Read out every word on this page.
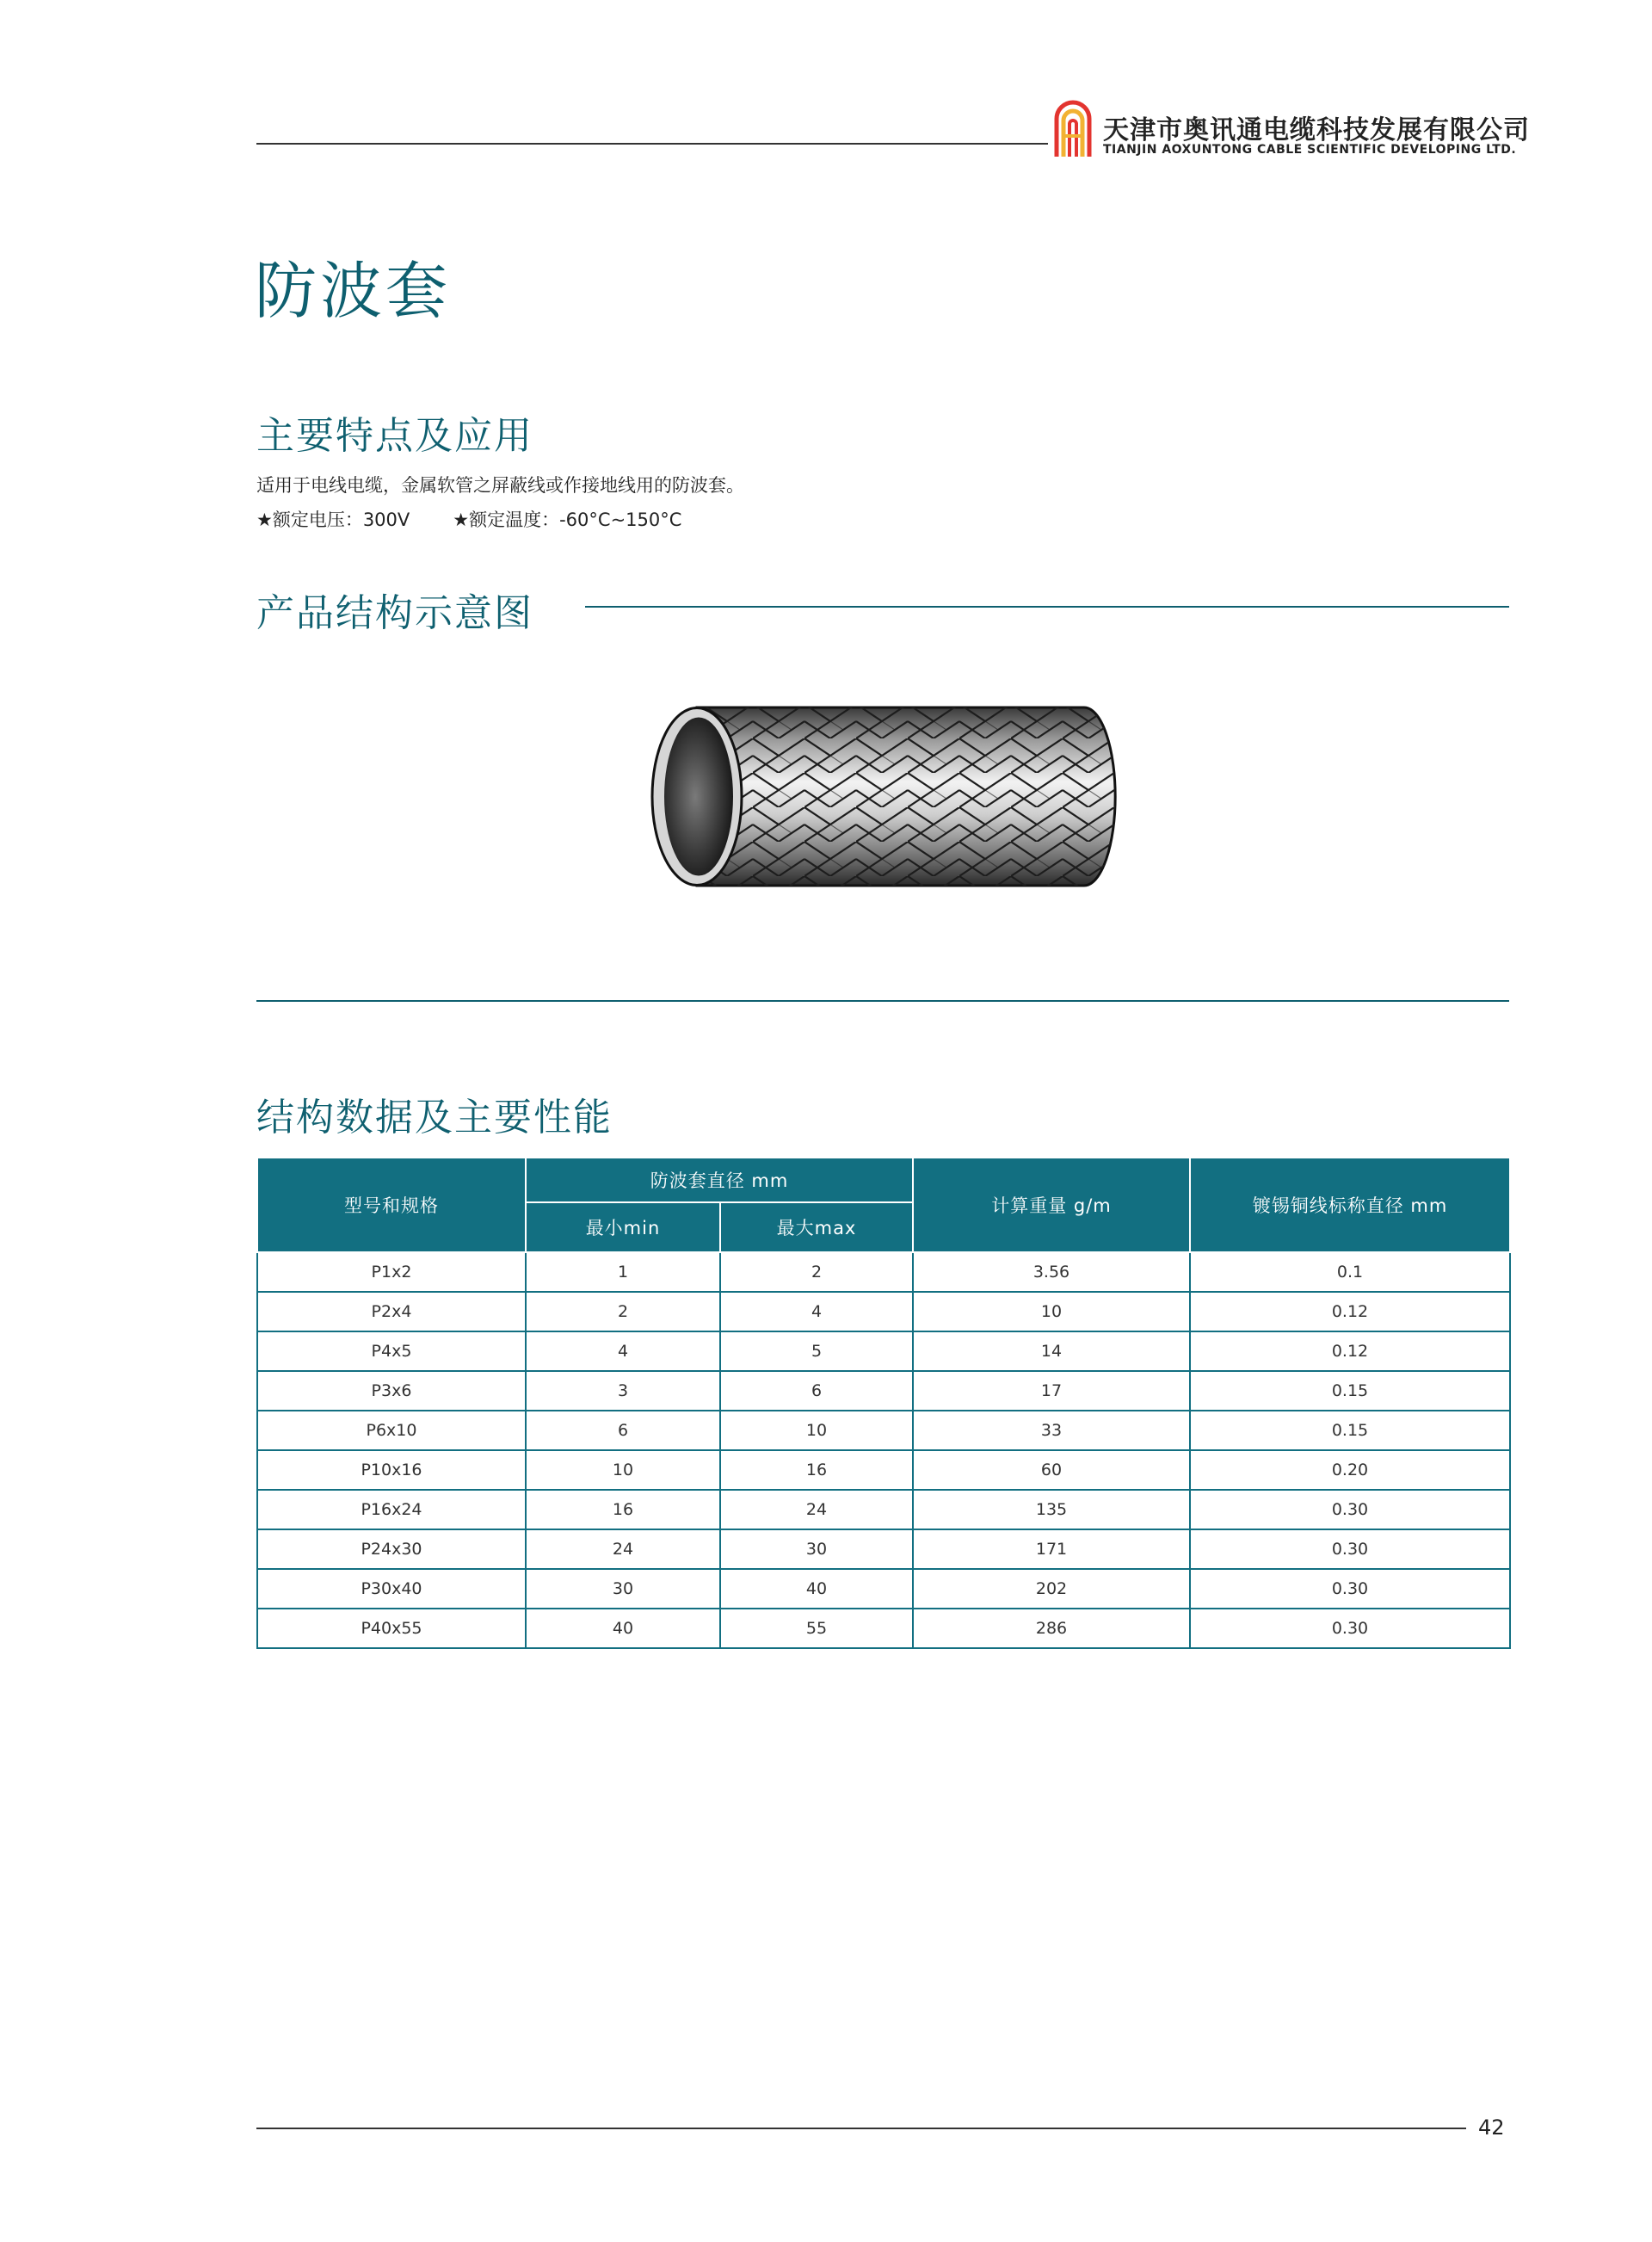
天津市奥讯通电缆科技发展有限公司
TIANJIN AOXUNTONG CABLE SCIENTIFIC DEVELOPING LTD.
防波套
主要特点及应用
适用于电线电缆，金属软管之屏蔽线或作接地线用的防波套。
★额定电压：300V ★额定温度：-60°C~150°C
产品结构示意图
结构数据及主要性能
型号和规格	防波套直径 mm		计算重量 g/m	镀锡铜线标称直径 mm
	最小min	最大max		
P1x2	1	2	3.56	0.1
P2x4	2	4	10	0.12
P4x5	4	5	14	0.12
P3x6	3	6	17	0.15
P6x10	6	10	33	0.15
P10x16	10	16	60	0.20
P16x24	16	24	135	0.30
P24x30	24	30	171	0.30
P30x40	30	40	202	0.30
P40x55	40	55	286	0.30
42
